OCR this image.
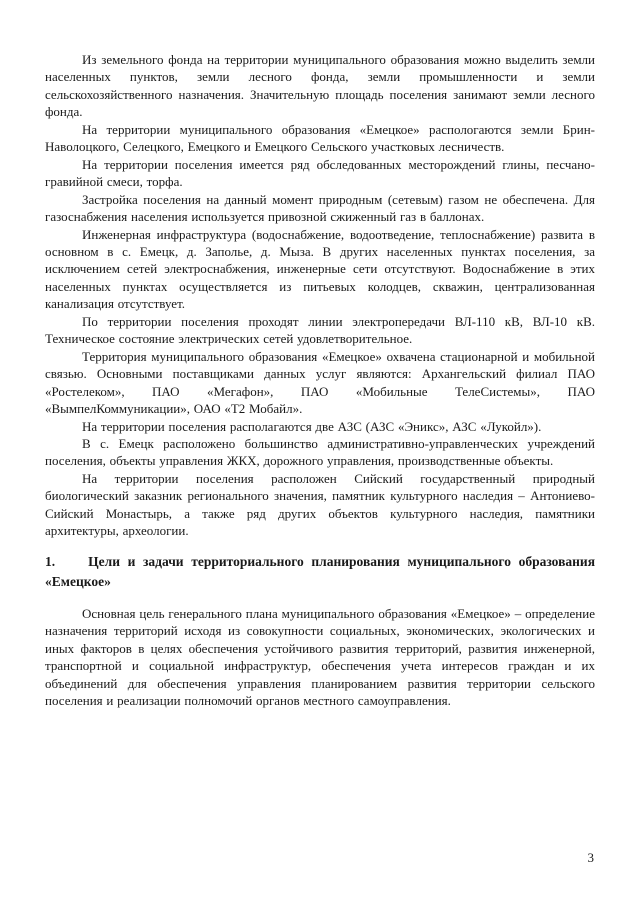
Из земельного фонда на территории муниципального образования можно выделить земли населенных пунктов, земли лесного фонда, земли промышленности и земли сельскохозяйственного назначения. Значительную площадь поселения занимают земли лесного фонда.

На территории муниципального образования «Емецкое» распологаются земли Брин-Наволоцкого, Селецкого, Емецкого и Емецкого Сельского участковых лесничеств.

На территории поселения имеется ряд обследованных месторождений глины, песчано-гравийной смеси, торфа.

Застройка поселения на данный момент природным (сетевым) газом не обеспечена. Для газоснабжения населения используется привозной сжиженный газ в баллонах.

Инженерная инфраструктура (водоснабжение, водоотведение, теплоснабжение) развита в основном в с. Емецк, д. Заполье, д. Мыза. В других населенных пунктах поселения, за исключением сетей электроснабжения, инженерные сети отсутствуют. Водоснабжение в этих населенных пунктах осуществляется из питьевых колодцев, скважин, централизованная канализация отсутствует.

По территории поселения проходят линии электропередачи ВЛ-110 кВ, ВЛ-10 кВ. Техническое состояние электрических сетей удовлетворительное.

Территория муниципального образования «Емецкое» охвачена стационарной и мобильной связью. Основными поставщиками данных услуг являются: Архангельский филиал ПАО «Ростелеком», ПАО «Мегафон», ПАО «Мобильные ТелеСистемы», ПАО «ВымпелКоммуникации», ОАО «Т2 Мобайл».

На территории поселения располагаются две АЗС (АЗС «Эникс», АЗС «Лукойл»).

В с. Емецк расположено большинство административно-управленческих учреждений поселения, объекты управления ЖКХ, дорожного управления, производственные объекты.

На территории поселения расположен Сийский государственный природный биологический заказник регионального значения, памятник культурного наследия – Антониево-Сийский Монастырь, а также ряд других объектов культурного наследия, памятники архитектуры, археологии.

1. Цели и задачи территориального планирования муниципального образования «Емецкое»

Основная цель генерального плана муниципального образования «Емецкое» – определение назначения территорий исходя из совокупности социальных, экономических, экологических и иных факторов в целях обеспечения устойчивого развития территорий, развития инженерной, транспортной и социальной инфраструктур, обеспечения учета интересов граждан и их объединений для обеспечения управления планированием развития территории сельского поселения и реализации полномочий органов местного самоуправления.

3
